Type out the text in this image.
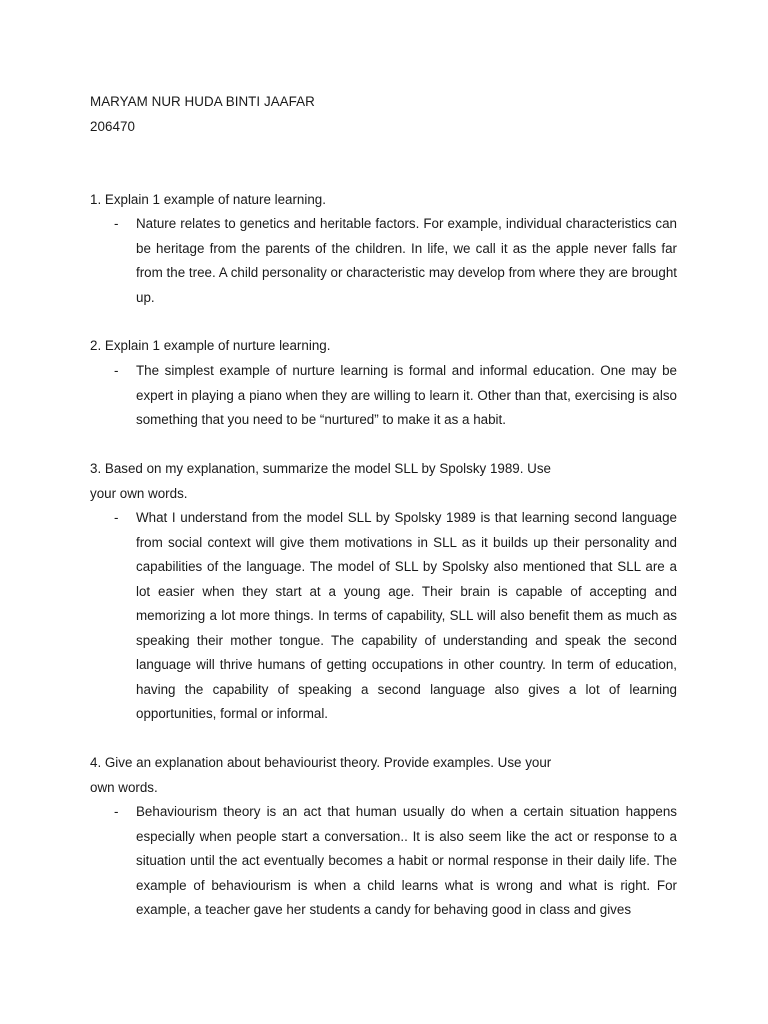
MARYAM NUR HUDA BINTI JAAFAR
206470
1. Explain 1 example of nature learning.
- Nature relates to genetics and heritable factors. For example, individual characteristics can be heritage from the parents of the children. In life, we call it as the apple never falls far from the tree. A child personality or characteristic may develop from where they are brought up.
2. Explain 1 example of nurture learning.
- The simplest example of nurture learning is formal and informal education. One may be expert in playing a piano when they are willing to learn it. Other than that, exercising is also something that you need to be “nurtured” to make it as a habit.
3. Based on my explanation, summarize the model SLL by Spolsky 1989. Use
your own words.
- What I understand from the model SLL by Spolsky 1989 is that learning second language from social context will give them motivations in SLL as it builds up their personality and capabilities of the language. The model of SLL by Spolsky also mentioned that SLL are a lot easier when they start at a young age. Their brain is capable of accepting and memorizing a lot more things. In terms of capability, SLL will also benefit them as much as speaking their mother tongue. The capability of understanding and speak the second language will thrive humans of getting occupations in other country. In term of education, having the capability of speaking a second language also gives a lot of learning opportunities, formal or informal.
4. Give an explanation about behaviourist theory. Provide examples. Use your
own words.
- Behaviourism theory is an act that human usually do when a certain situation happens especially when people start a conversation.. It is also seem like the act or response to a situation until the act eventually becomes a habit or normal response in their daily life. The example of behaviourism is when a child learns what is wrong and what is right. For example, a teacher gave her students a candy for behaving good in class and gives
